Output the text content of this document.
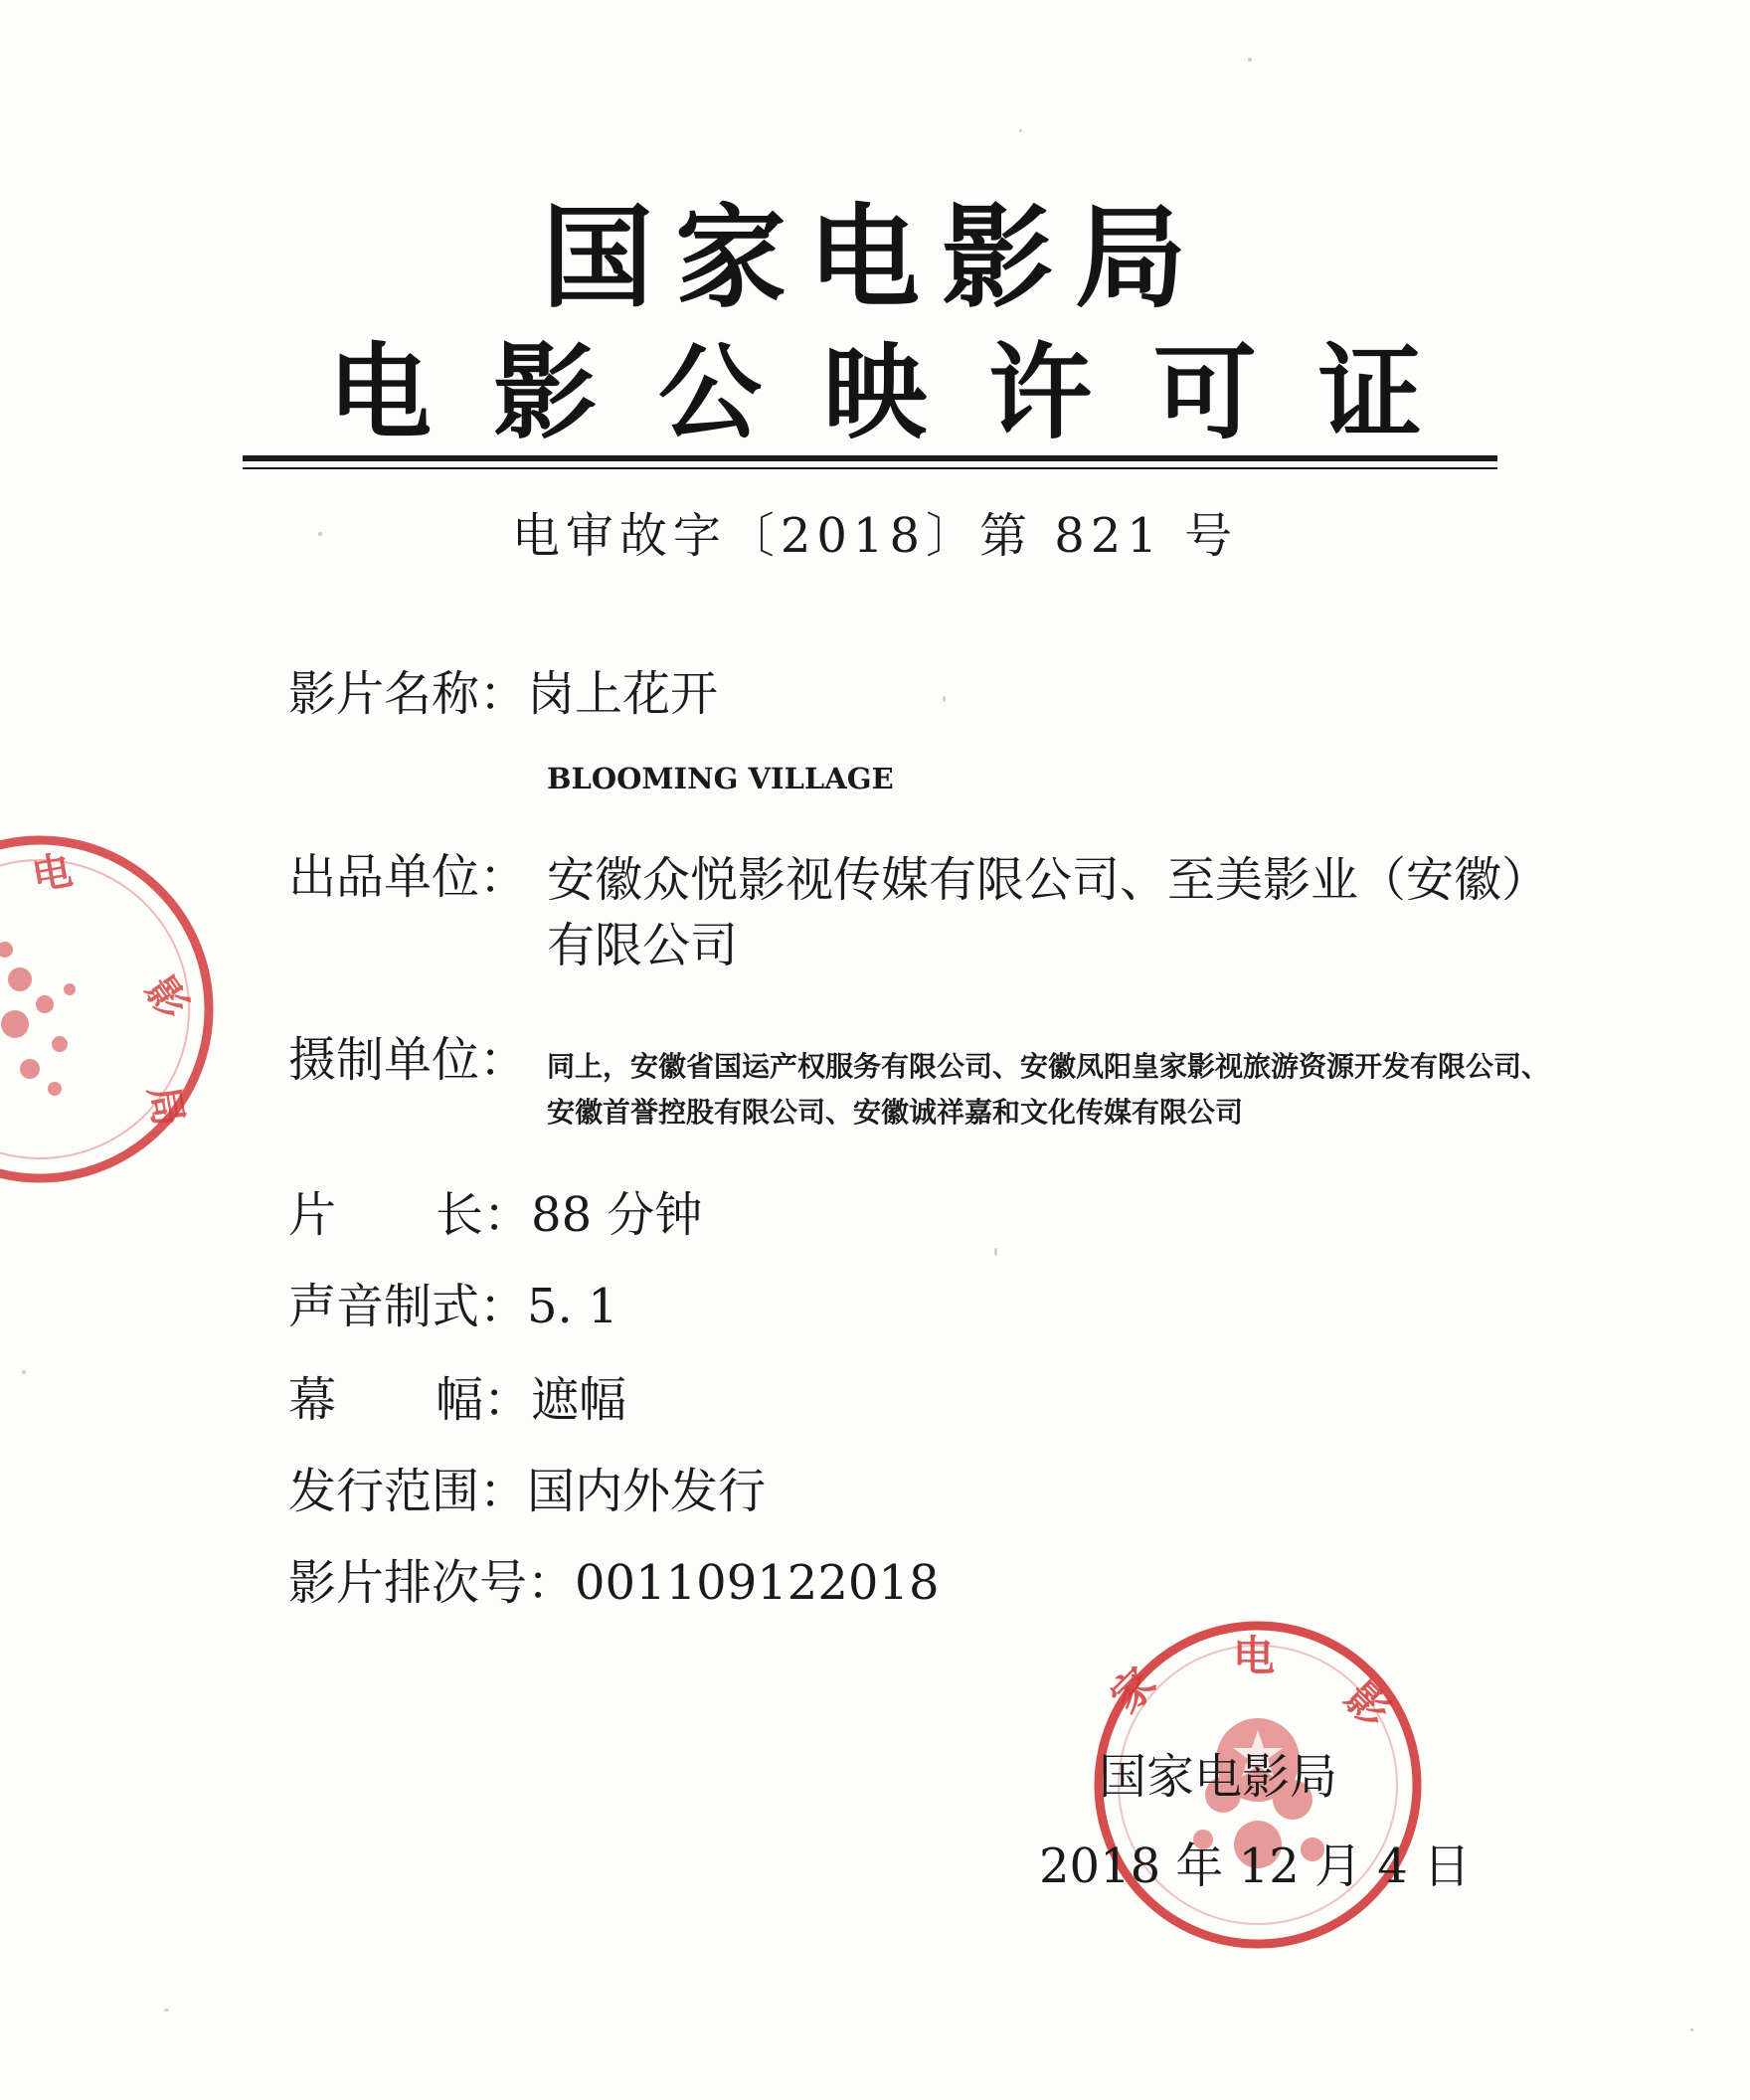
国家电影局
电 影 公 映 许 可 证
电审故字〔2018〕第 821 号
影片名称：岗上花开
BLOOMING VILLAGE
出品单位： 安徽众悦影视传媒有限公司、至美影业（安徽）
有限公司
摄制单位： 同上，安徽省国运产权服务有限公司、安徽凤阳皇家影视旅游资源开发有限公司、
安徽首誉控股有限公司、安徽诚祥嘉和文化传媒有限公司
片 长：88 分钟
声音制式：5. 1
幕 幅：遮幅
发行范围：国内外发行
影片排次号：001109122018
电
影
局
家
电
影
国家电影局
2018 年 12 月 4 日
